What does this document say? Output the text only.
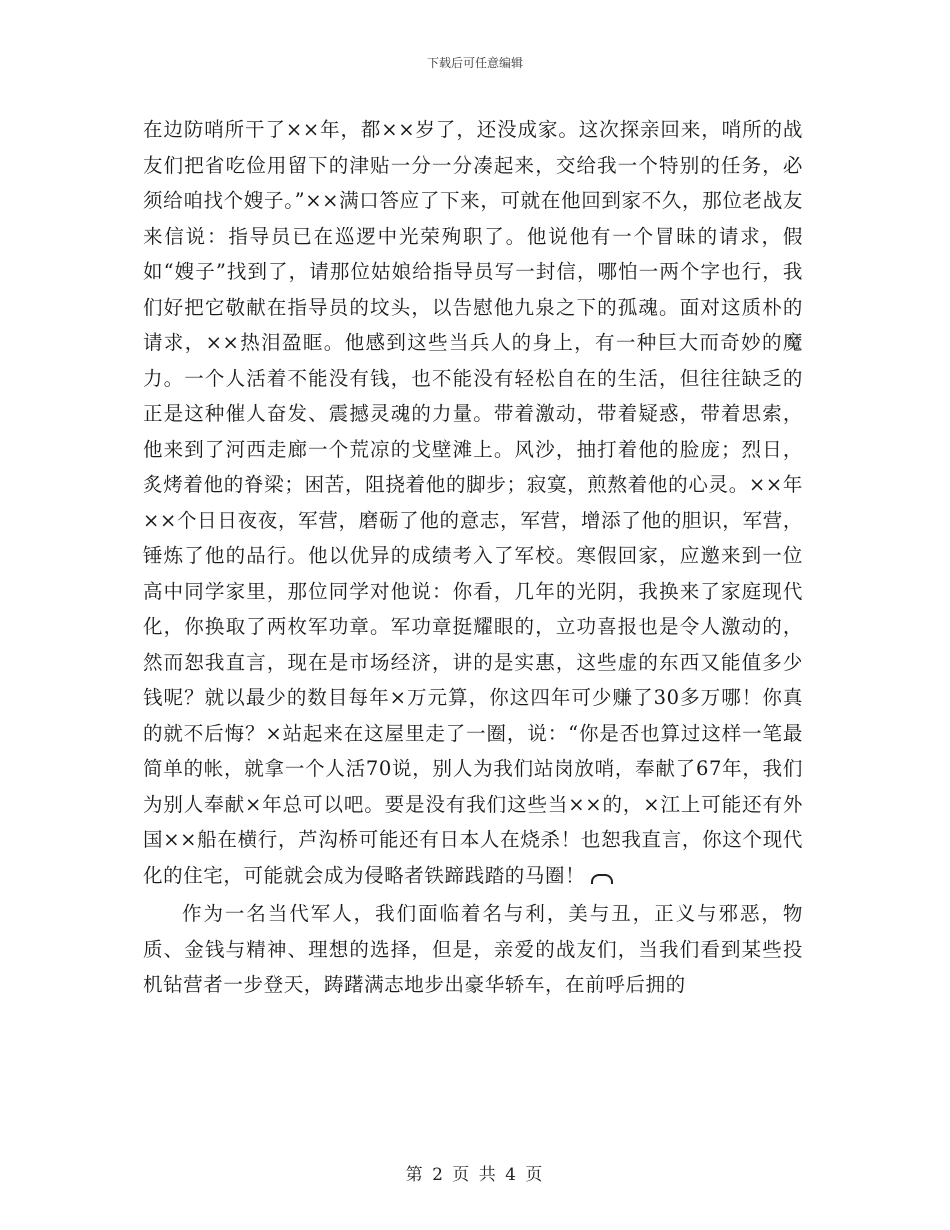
下载后可任意编辑

在边防哨所干了××年，都××岁了，还没成家。这次探亲回来，哨所的战友们把省吃俭用留下的津贴一分一分凑起来，交给我一个特别的任务，必须给咱找个嫂子。”××满口答应了下来，可就在他回到家不久，那位老战友来信说：指导员已在巡逻中光荣殉职了。他说他有一个冒昧的请求，假如“嫂子”找到了，请那位姑娘给指导员写一封信，哪怕一两个字也行，我们好把它敬献在指导员的坟头，以告慰他九泉之下的孤魂。面对这质朴的请求，××热泪盈眶。他感到这些当兵人的身上，有一种巨大而奇妙的魔力。一个人活着不能没有钱，也不能没有轻松自在的生活，但往往缺乏的正是这种催人奋发、震撼灵魂的力量。带着激动，带着疑惑，带着思索，他来到了河西走廊一个荒凉的戈壁滩上。风沙，抽打着他的脸庞；烈日，炙烤着他的脊梁；困苦，阻挠着他的脚步；寂寞，煎熬着他的心灵。××年××个日日夜夜，军营，磨砺了他的意志，军营，增添了他的胆识，军营，锤炼了他的品行。他以优异的成绩考入了军校。寒假回家，应邀来到一位高中同学家里，那位同学对他说：你看，几年的光阴，我换来了家庭现代化，你换取了两枚军功章。军功章挺耀眼的，立功喜报也是令人激动的，然而恕我直言，现在是市场经济，讲的是实惠，这些虚的东西又能值多少钱呢？就以最少的数目每年×万元算，你这四年可少赚了30多万哪！你真的就不后悔？×站起来在这屋里走了一圈，说：“你是否也算过这样一笔最简单的帐，就拿一个人活70说，别人为我们站岗放哨，奉献了67年，我们为别人奉献×年总可以吧。要是没有我们这些当××的，×江上可能还有外国××船在横行，芦沟桥可能还有日本人在烧杀！也恕我直言，你这个现代化的住宅，可能就会成为侵略者铁蹄践踏的马圈！

作为一名当代军人，我们面临着名与利，美与丑，正义与邪恶，物质、金钱与精神、理想的选择，但是，亲爱的战友们，当我们看到某些投机钻营者一步登天，踌躇满志地步出豪华轿车，在前呼后拥的

第 2 页 共 4 页
